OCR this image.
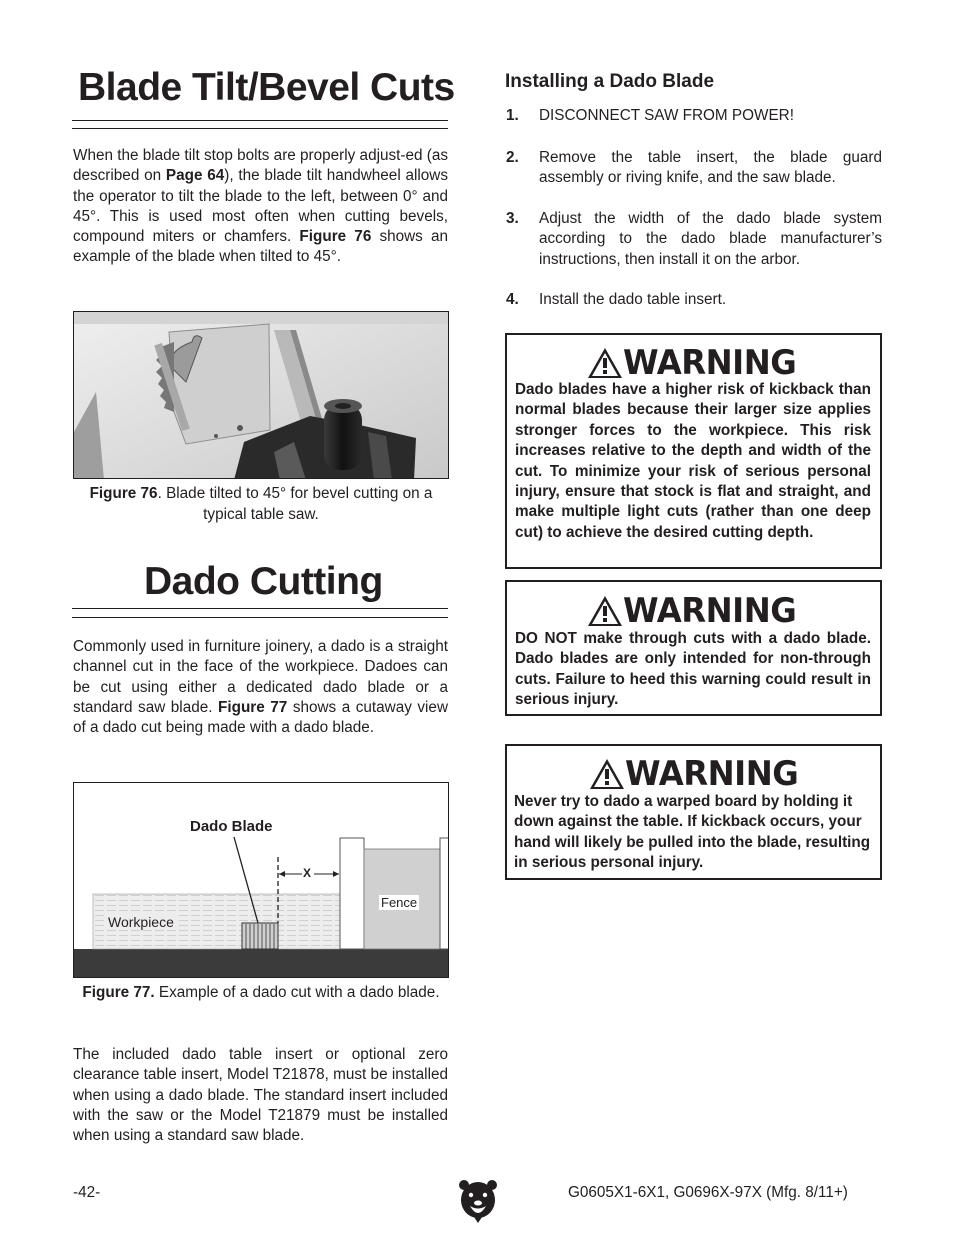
Blade Tilt/Bevel Cuts
When the blade tilt stop bolts are properly adjust-ed (as described on Page 64), the blade tilt handwheel allows the operator to tilt the blade to the left, between 0° and 45°. This is used most often when cutting bevels, compound miters or chamfers. Figure 76 shows an example of the blade when tilted to 45°.
Figure 76. Blade tilted to 45° for bevel cutting on a typical table saw.
Dado Cutting
Commonly used in furniture joinery, a dado is a straight channel cut in the face of the workpiece. Dadoes can be cut using either a dedicated dado blade or a standard saw blade. Figure 77 shows a cutaway view of a dado cut being made with a dado blade.
Dado Blade
X
Workpiece
Fence
Figure 77. Example of a dado cut with a dado blade.
The included dado table insert or optional zero clearance table insert, Model T21878, must be installed when using a dado blade. The standard insert included with the saw or the Model T21879 must be installed when using a standard saw blade.
Installing a Dado Blade
1. DISCONNECT SAW FROM POWER!
2. Remove the table insert, the blade guard assembly or riving knife, and the saw blade.
3. Adjust the width of the dado blade system according to the dado blade manufacturer’s instructions, then install it on the arbor.
4. Install the dado table insert.
WARNING
Dado blades have a higher risk of kickback than normal blades because their larger size applies stronger forces to the workpiece. This risk increases relative to the depth and width of the cut. To minimize your risk of serious personal injury, ensure that stock is flat and straight, and make multiple light cuts (rather than one deep cut) to achieve the desired cutting depth.
WARNING
DO NOT make through cuts with a dado blade. Dado blades are only intended for non-through cuts. Failure to heed this warning could result in serious injury.
WARNING
Never try to dado a warped board by holding it down against the table. If kickback occurs, your hand will likely be pulled into the blade, resulting in serious personal injury.
-42-	G0605X1-6X1, G0696X-97X (Mfg. 8/11+)
